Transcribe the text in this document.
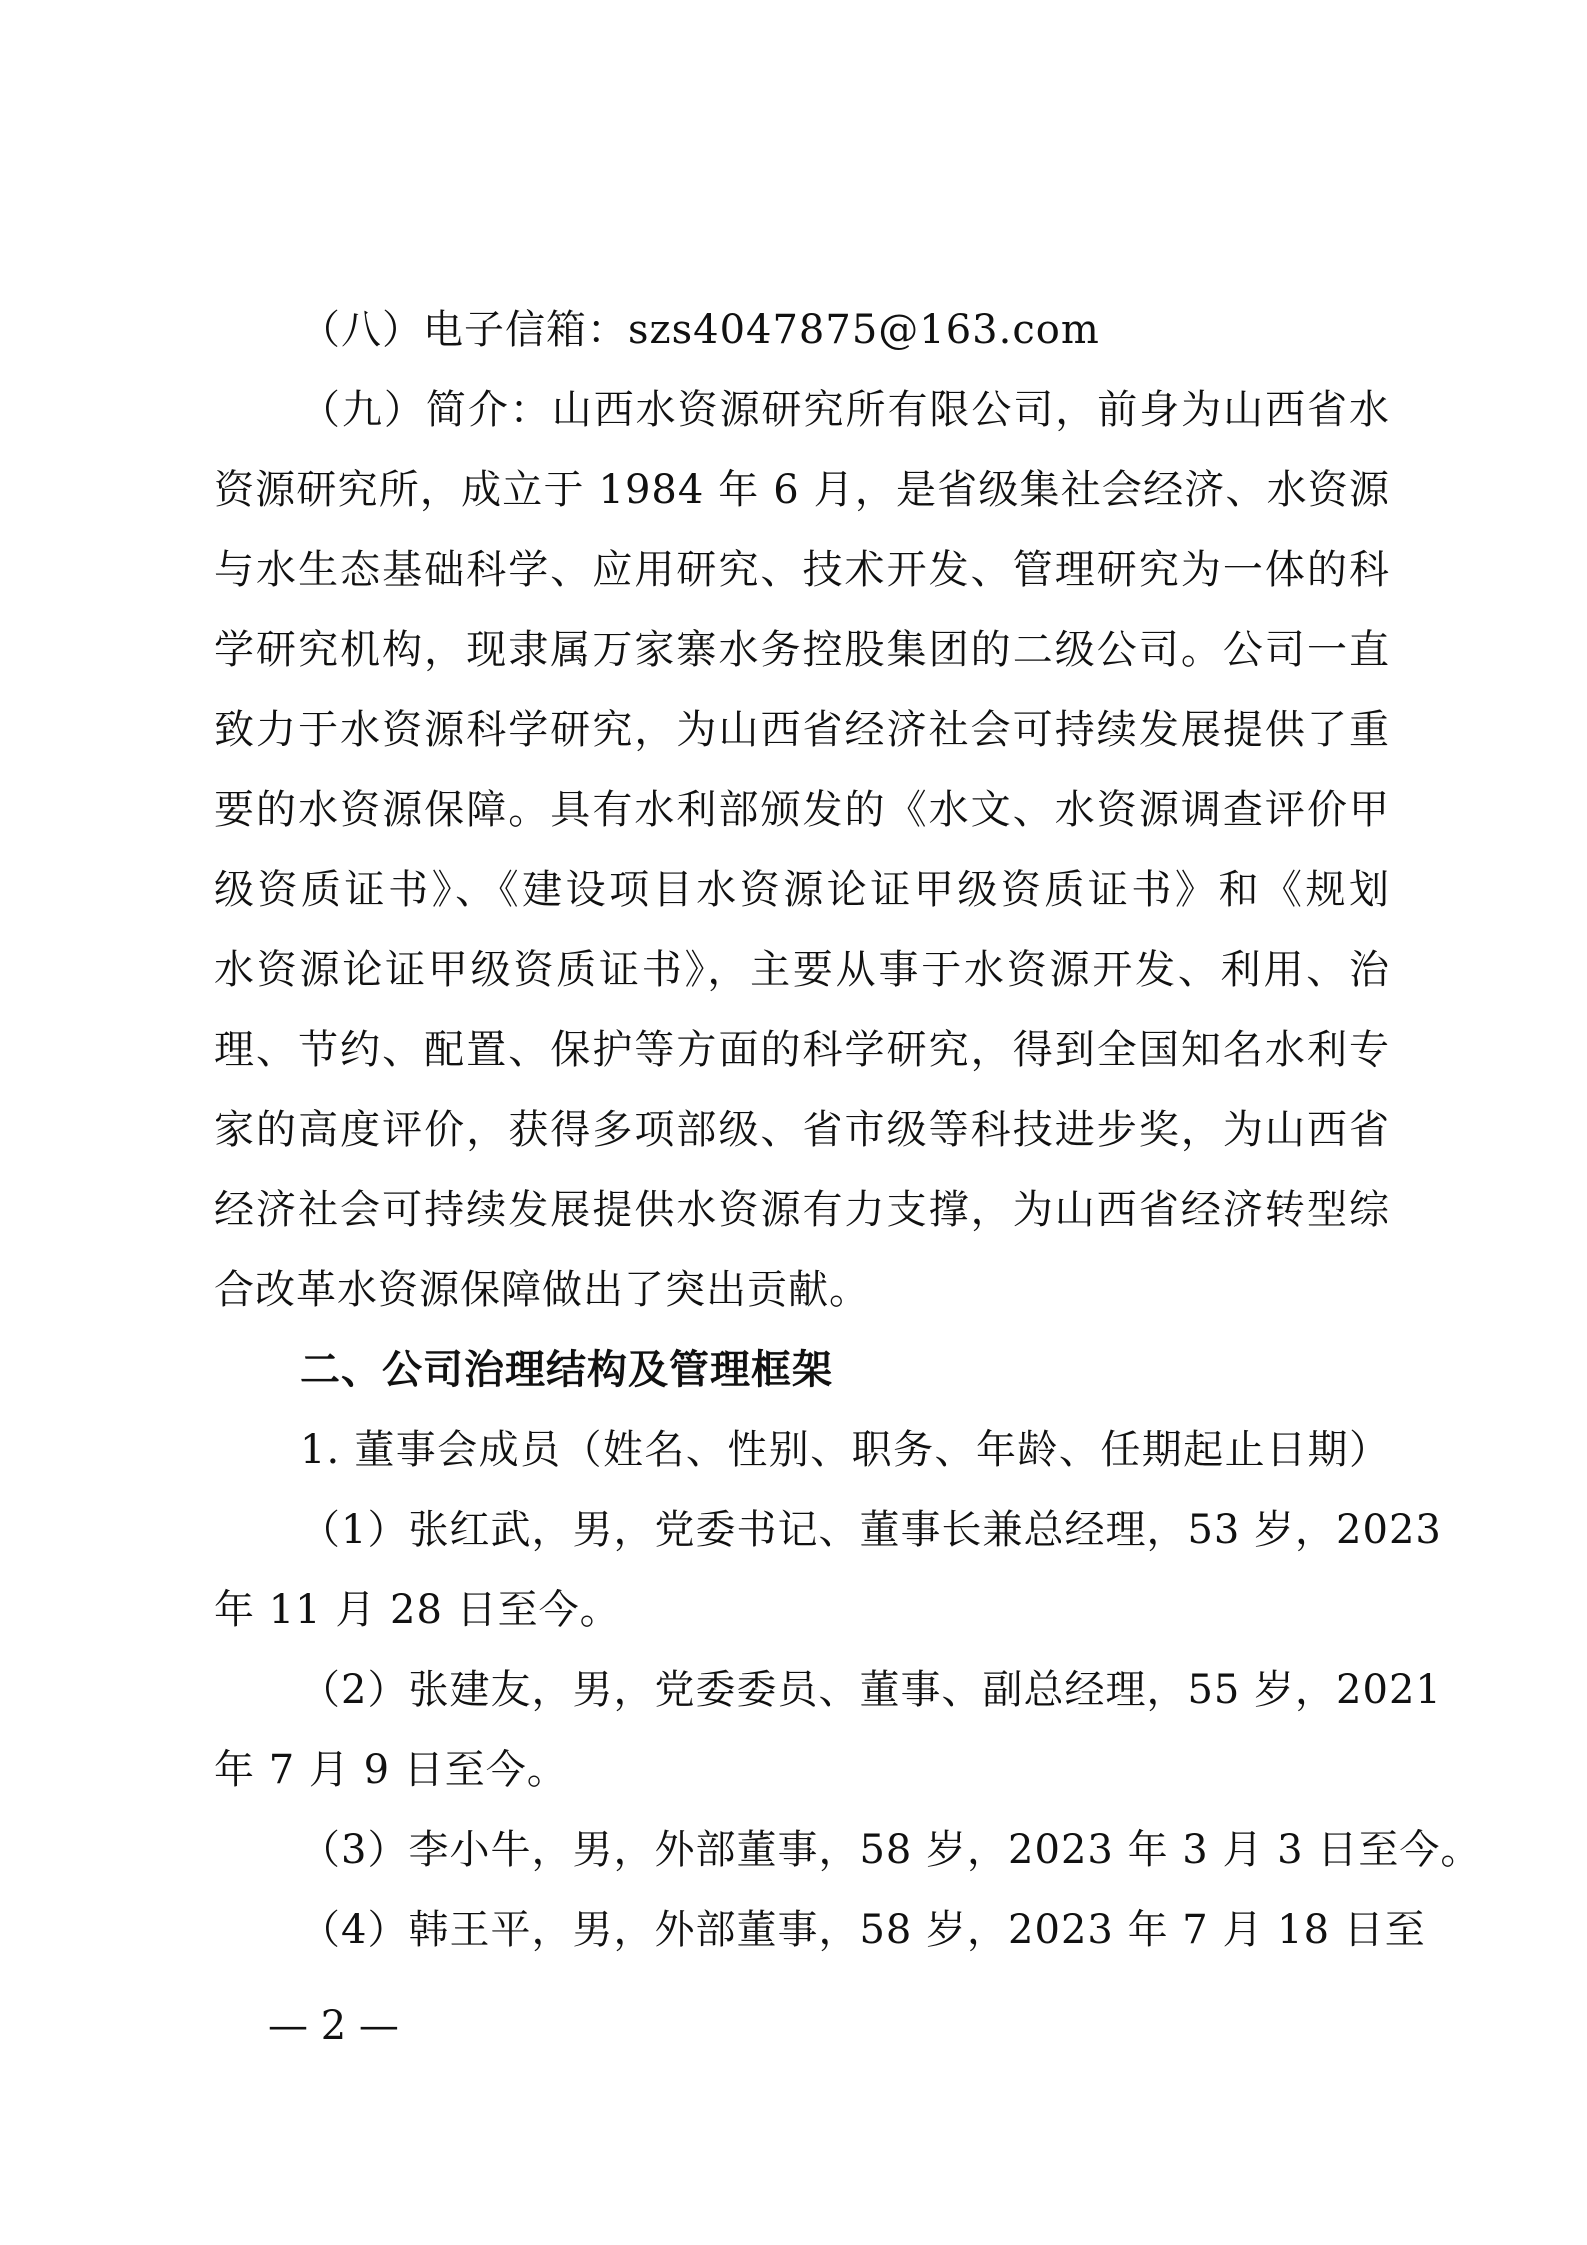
（八）电子信箱：szs4047875@163.com
（九）简介：山西水资源研究所有限公司，前身为山西省水
资源研究所，成立于 1984 年 6 月，是省级集社会经济、水资源
与水生态基础科学、应用研究、技术开发、管理研究为一体的科
学研究机构，现隶属万家寨水务控股集团的二级公司。公司一直
致力于水资源科学研究，为山西省经济社会可持续发展提供了重
要的水资源保障。具有水利部颁发的《水文、水资源调查评价甲
级资质证书》、《建设项目水资源论证甲级资质证书》和《规划
水资源论证甲级资质证书》，主要从事于水资源开发、利用、治
理、节约、配置、保护等方面的科学研究，得到全国知名水利专
家的高度评价，获得多项部级、省市级等科技进步奖，为山西省
经济社会可持续发展提供水资源有力支撑，为山西省经济转型综
合改革水资源保障做出了突出贡献。
二、公司治理结构及管理框架
1. 董事会成员（姓名、性别、职务、年龄、任期起止日期）
（1）张红武，男，党委书记、董事长兼总经理，53 岁，2023
年 11 月 28 日至今。
（2）张建友，男，党委委员、董事、副总经理，55 岁，2021
年 7 月 9 日至今。
（3）李小牛，男，外部董事，58 岁，2023 年 3 月 3 日至今。
（4）韩王平，男，外部董事，58 岁，2023 年 7 月 18 日至
— 2 —
